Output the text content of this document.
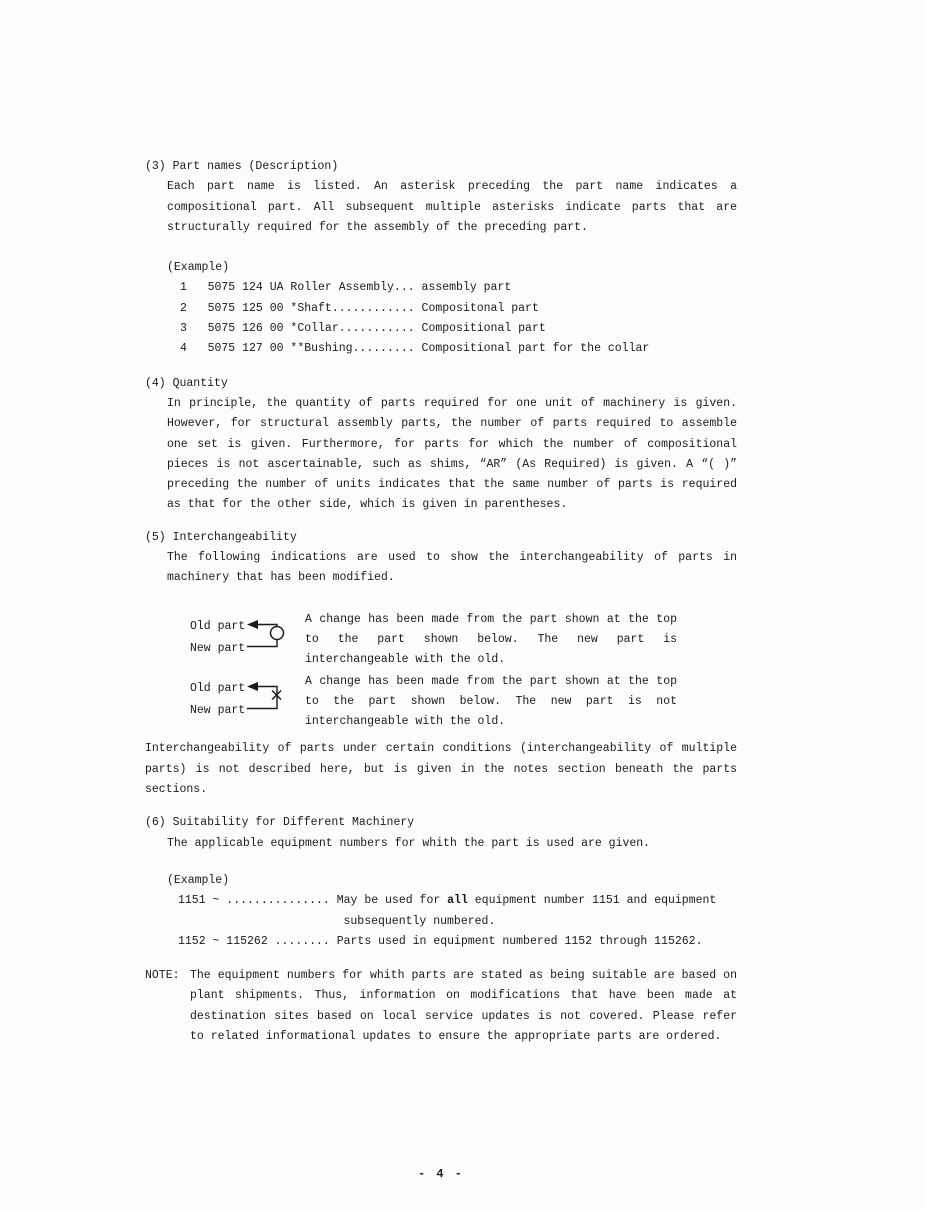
(3) Part names (Description)
Each part name is listed. An asterisk preceding the part name indicates a
compositional part. All subsequent multiple asterisks indicate parts that are
structurally required for the assembly of the preceding part.
(Example)
1   5075 124 UA Roller Assembly... assembly part
2   5075 125 00 *Shaft............ Compositonal part
3   5075 126 00 *Collar........... Compositional part
4   5075 127 00 **Bushing......... Compositional part for the collar
(4) Quantity
In principle, the quantity of parts required for one unit of machinery is given.
However, for structural assembly parts, the number of parts required to assemble
one set is given. Furthermore, for parts for which the number of compositional
pieces is not ascertainable, such as shims, “AR” (As Required) is given. A “( )”
preceding the number of units indicates that the same number of parts is required
as that for the other side, which is given in parentheses.
(5) Interchangeability
The following indications are used to show the interchangeability of parts in
machinery that has been modified.
Old part
New part
A change has been made from the part shown at the top
to the part shown below. The new part is
interchangeable with the old.
Old part
New part
A change has been made from the part shown at the top
to the part shown below. The new part is not
interchangeable with the old.
Interchangeability of parts under certain conditions (interchangeability of multiple
parts) is not described here, but is given in the notes section beneath the parts
sections.
(6) Suitability for Different Machinery
The applicable equipment numbers for whith the part is used are given.
(Example)
1151 ~ ............... May be used for all equipment number 1151 and equipment
subsequently numbered.
1152 ~ 115262 ........ Parts used in equipment numbered 1152 through 115262.
NOTE: The equipment numbers for whith parts are stated as being suitable are based on
plant shipments. Thus, information on modifications that have been made at
destination sites based on local service updates is not covered. Please refer
to related informational updates to ensure the appropriate parts are ordered.
- 4 -
